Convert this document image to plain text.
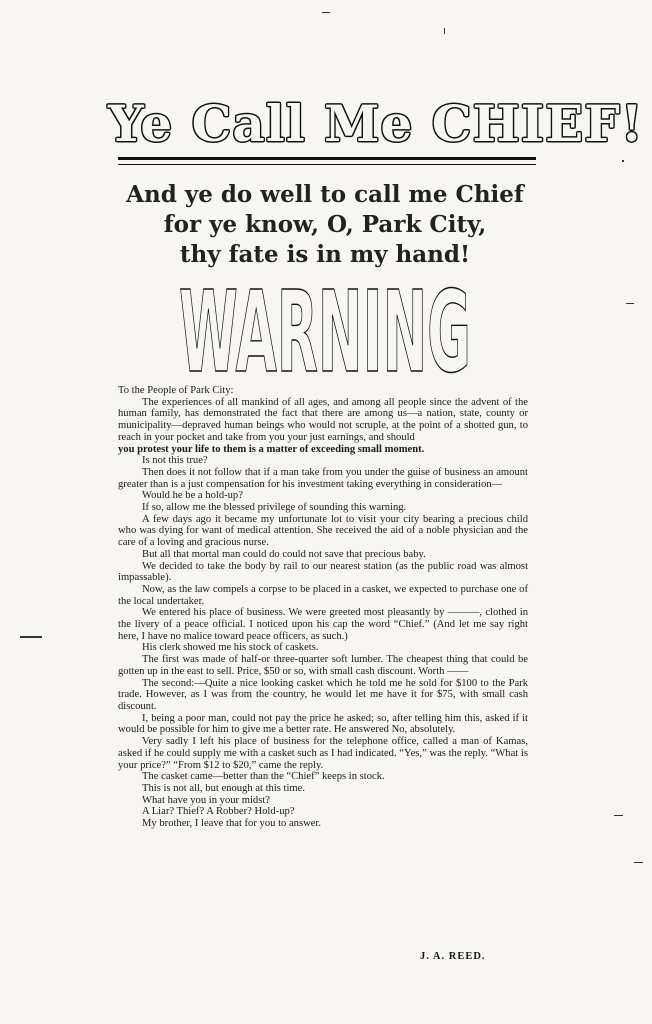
Ye Call Me CHIEF!
And ye do well to call me Chief
for ye know, O, Park City,
thy fate is in my hand!
WARNING

To the People of Park City:

The experiences of all mankind of all ages, and among all people since the advent of the human family, has demonstrated the fact that there are among us—a nation, state, county or municipality—depraved human beings who would not scruple, at the point of a shotted gun, to reach in your pocket and take from you your just earnings, and should

you protest your life to them is a matter of exceeding small moment.

Is not this true?

Then does it not follow that if a man take from you under the guise of business an amount greater than is a just compensation for his investment taking everything in consideration—

Would he be a hold-up?

If so, allow me the blessed privilege of sounding this warning.

A few days ago it became my unfortunate lot to visit your city bearing a precious child who was dying for want of medical attention. She received the aid of a noble physician and the care of a loving and gracious nurse.

But all that mortal man could do could not save that precious baby.

We decided to take the body by rail to our nearest station (as the public road was almost impassable).

Now, as the law compels a corpse to be placed in a casket, we expected to purchase one of the local undertaker.

We entered his place of business. We were greeted most pleasantly by ———, clothed in the livery of a peace official. I noticed upon his cap the word “Chief.” (And let me say right here, I have no malice toward peace officers, as such.)

His clerk showed me his stock of caskets.

The first was made of half-or three-quarter soft lumber. The cheapest thing that could be gotten up in the east to sell. Price, $50 or so, with small cash discount. Worth ——

The second:—Quite a nice looking casket which he told me he sold for $100 to the Park trade. However, as I was from the country, he would let me have it for $75, with small cash discount.

I, being a poor man, could not pay the price he asked; so, after telling him this, asked if it would be possible for him to give me a better rate. He answered No, absolutely.

Very sadly I left his place of business for the telephone office, called a man of Kamas, asked if he could supply me with a casket such as I had indicated. “Yes,” was the reply. “What is your price?” “From $12 to $20,” came the reply.

The casket came—better than the “Chief” keeps in stock.

This is not all, but enough at this time.

What have you in your midst?

A Liar? Thief? A Robber? Hold-up?

My brother, I leave that for you to answer.

J. A. REED.
